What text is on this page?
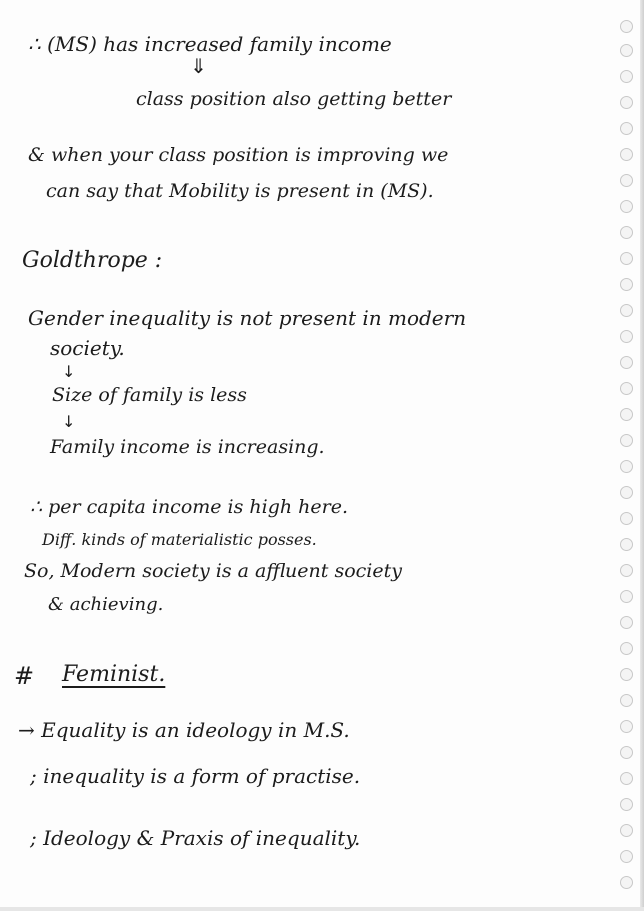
∴ (MS) has increased family income
⇓
class position also getting better
& when your class position is improving we
can say that Mobility is present in (MS).
Goldthrope :
Gender inequality is not present in modern
society.
↓
Size of family is less
↓
Family income is increasing.
∴ per capita income is high here.
Diff. kinds of materialistic posses.
So, Modern society is a affluent society
& achieving.
# Feminist.
→ Equality is an ideology in M.S.
; inequality is a form of practise.
; Ideology & Praxis of inequality.
